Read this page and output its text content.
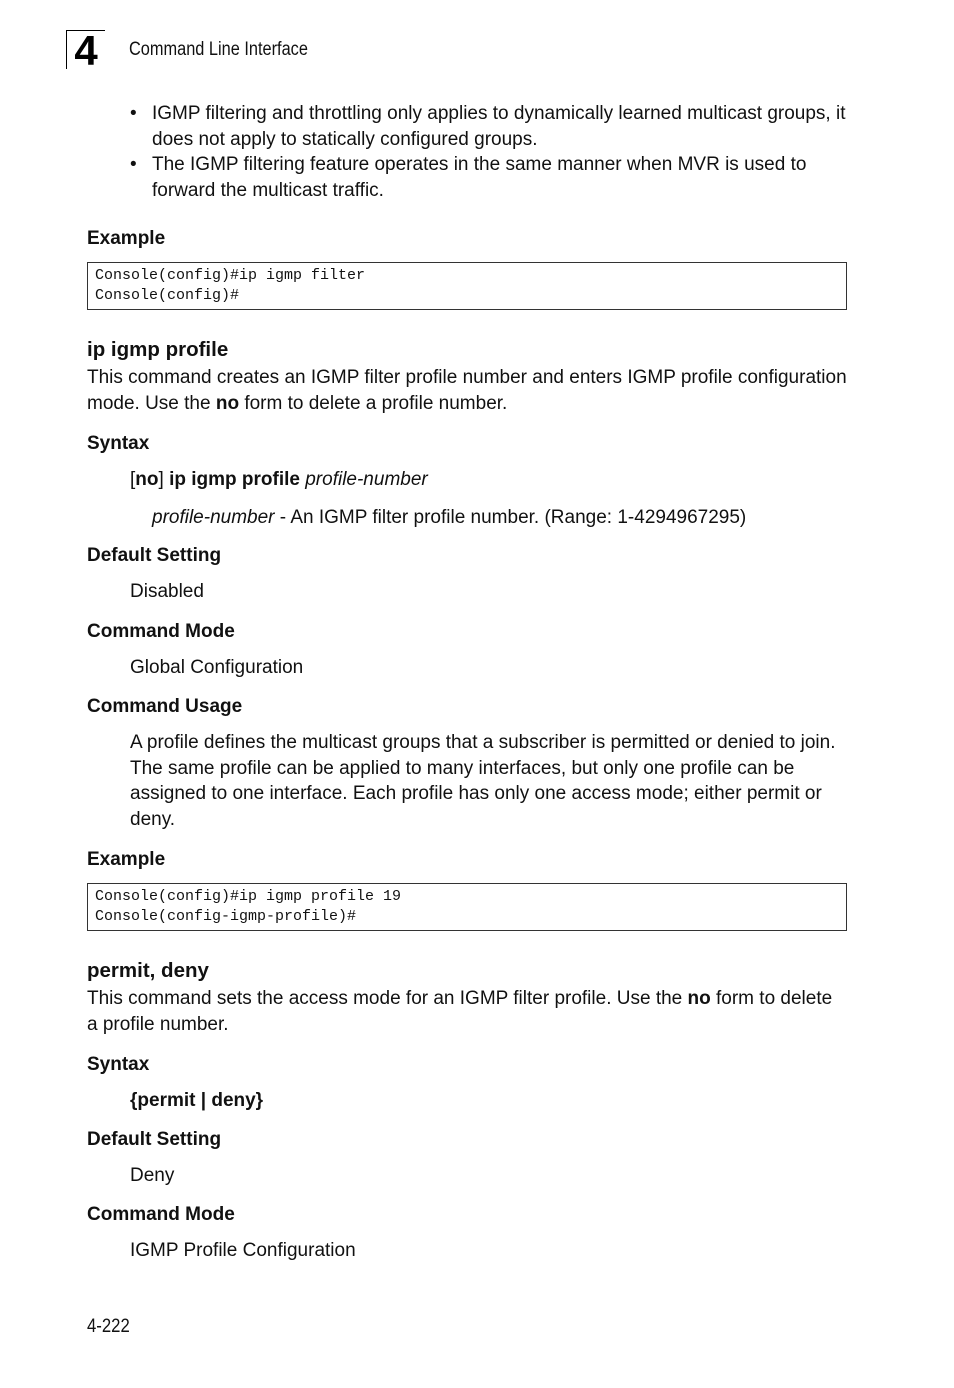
4	Command Line Interface
• IGMP filtering and throttling only applies to dynamically learned multicast groups, it does not apply to statically configured groups.
• The IGMP filtering feature operates in the same manner when MVR is used to forward the multicast traffic.
Example
Console(config)#ip igmp filter
Console(config)#
ip igmp profile
This command creates an IGMP filter profile number and enters IGMP profile configuration mode. Use the no form to delete a profile number.
Syntax
[no] ip igmp profile profile-number
profile-number - An IGMP filter profile number. (Range: 1-4294967295)
Default Setting
Disabled
Command Mode
Global Configuration
Command Usage
A profile defines the multicast groups that a subscriber is permitted or denied to join. The same profile can be applied to many interfaces, but only one profile can be assigned to one interface. Each profile has only one access mode; either permit or deny.
Example
Console(config)#ip igmp profile 19
Console(config-igmp-profile)#
permit, deny
This command sets the access mode for an IGMP filter profile. Use the no form to delete a profile number.
Syntax
{permit | deny}
Default Setting
Deny
Command Mode
IGMP Profile Configuration
4-222
